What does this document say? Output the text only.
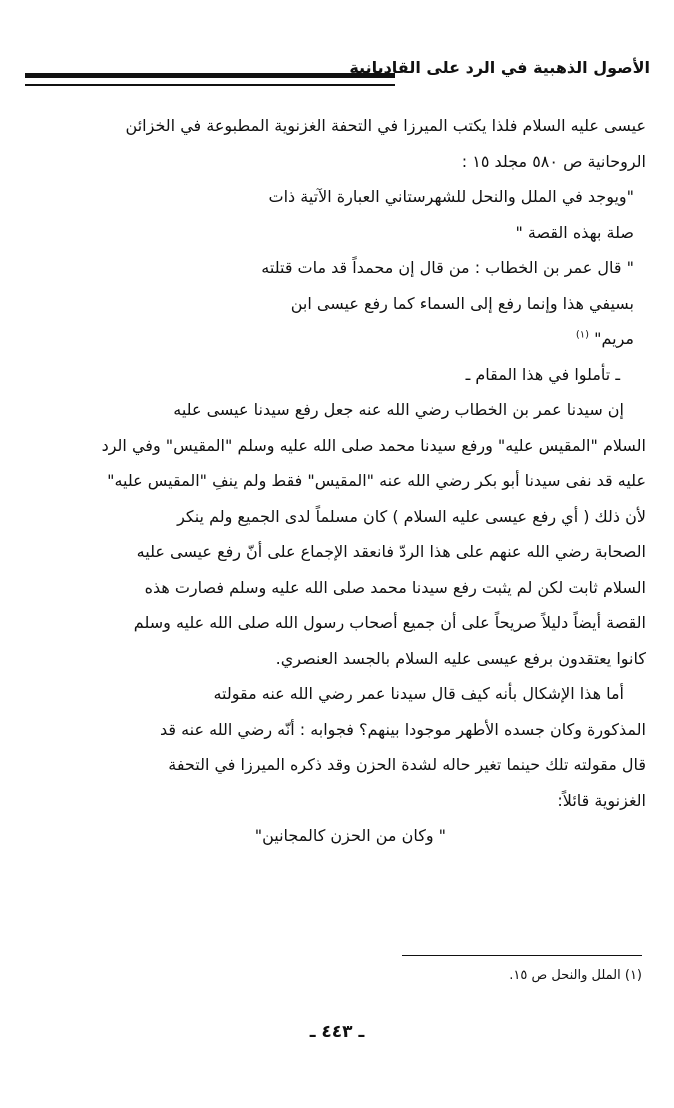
الأصول الذهبية في الرد على القاديانية
عيسى عليه السلام فلذا يكتب الميرزا في التحفة الغزنوية المطبوعة في الخزائن
الروحانية ص ٥٨٠ مجلد ١٥ :
"ويوجد في الملل والنحل للشهرستاني العبارة الآتية ذات
صلة بهذه القصة "
" قال عمر بن الخطاب : من قال إن محمداً قد مات قتلته
بسيفي هذا وإنما رفع إلى السماء كما رفع عيسى ابن
مريم" $^{(١)}$
ـ تأملوا في هذا المقام ـ
إن سيدنا عمر بن الخطاب رضي الله عنه جعل رفع سيدنا عيسى عليه
السلام "المقيس عليه" ورفع سيدنا محمد صلى الله عليه وسلم "المقيس" وفي الرد
عليه قد نفى سيدنا أبو بكر رضي الله عنه "المقيس" فقط ولم ينفِ "المقيس عليه"
لأن ذلك ( أي رفع عيسى عليه السلام ) كان مسلماً لدى الجميع ولم ينكر
الصحابة رضي الله عنهم على هذا الردّ فانعقد الإجماع على أنّ رفع عيسى عليه
السلام ثابت لكن لم يثبت رفع سيدنا محمد صلى الله عليه وسلم فصارت هذه
القصة أيضاً دليلاً صريحاً على أن جميع أصحاب رسول الله صلى الله عليه وسلم
كانوا يعتقدون برفع عيسى عليه السلام بالجسد العنصري.
أما هذا الإشكال بأنه كيف قال سيدنا عمر رضي الله عنه مقولته
المذكورة وكان جسده الأطهر موجودا بينهم؟ فجوابه : أنّه رضي الله عنه قد
قال مقولته تلك حينما تغير حاله لشدة الحزن وقد ذكره الميرزا في التحفة
الغزنوية قائلاً:
" وكان من الحزن كالمجانين"
(١) الملل والنحل ص ١٥.
ـ ٤٤٣ ـ
